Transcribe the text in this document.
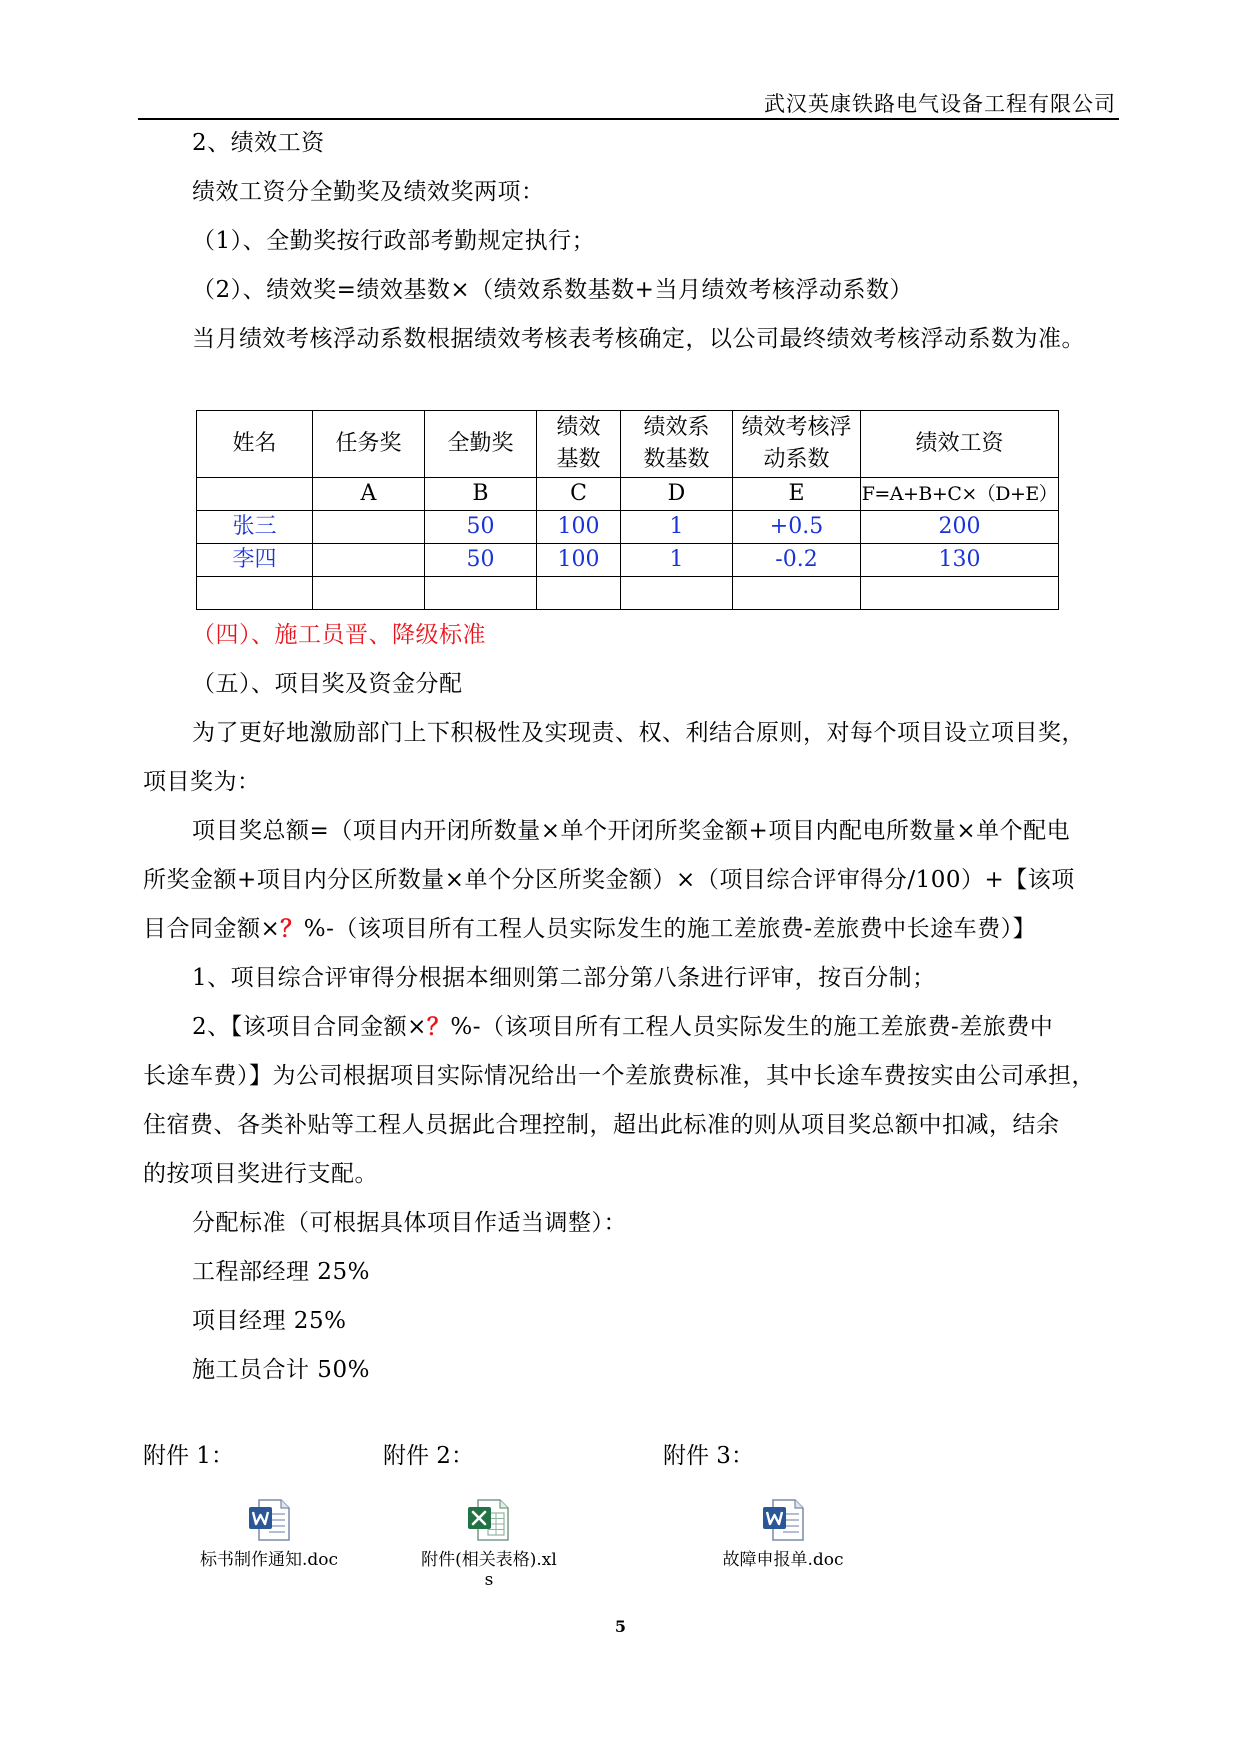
武汉英康铁路电气设备工程有限公司
2、绩效工资
绩效工资分全勤奖及绩效奖两项：
（1）、全勤奖按行政部考勤规定执行；
（2）、绩效奖=绩效基数×（绩效系数基数+当月绩效考核浮动系数）
当月绩效考核浮动系数根据绩效考核表考核确定，以公司最终绩效考核浮动系数为准。
姓名	任务奖	全勤奖	绩效基数	绩效系数基数	绩效考核浮动系数	绩效工资
	A	B	C	D	E	F=A+B+C×（D+E）
张三		50	100	1	+0.5	200
李四		50	100	1	-0.2	130

（四）、施工员晋、降级标准
（五）、项目奖及资金分配
为了更好地激励部门上下积极性及实现责、权、利结合原则，对每个项目设立项目奖，
项目奖为：
项目奖总额=（项目内开闭所数量×单个开闭所奖金额+项目内配电所数量×单个配电
所奖金额+项目内分区所数量×单个分区所奖金额）×（项目综合评审得分/100）+【该项
目合同金额×？%-（该项目所有工程人员实际发生的施工差旅费-差旅费中长途车费）】
1、项目综合评审得分根据本细则第二部分第八条进行评审，按百分制；
2、【该项目合同金额×？%-（该项目所有工程人员实际发生的施工差旅费-差旅费中
长途车费）】为公司根据项目实际情况给出一个差旅费标准，其中长途车费按实由公司承担，
住宿费、各类补贴等工程人员据此合理控制，超出此标准的则从项目奖总额中扣减，结余
的按项目奖进行支配。
分配标准（可根据具体项目作适当调整）：
工程部经理 25%
项目经理 25%
施工员合计 50%
附件 1：	附件 2：	附件 3：
标书制作通知.doc	附件(相关表格).xl
s
故障申报单.doc
5
